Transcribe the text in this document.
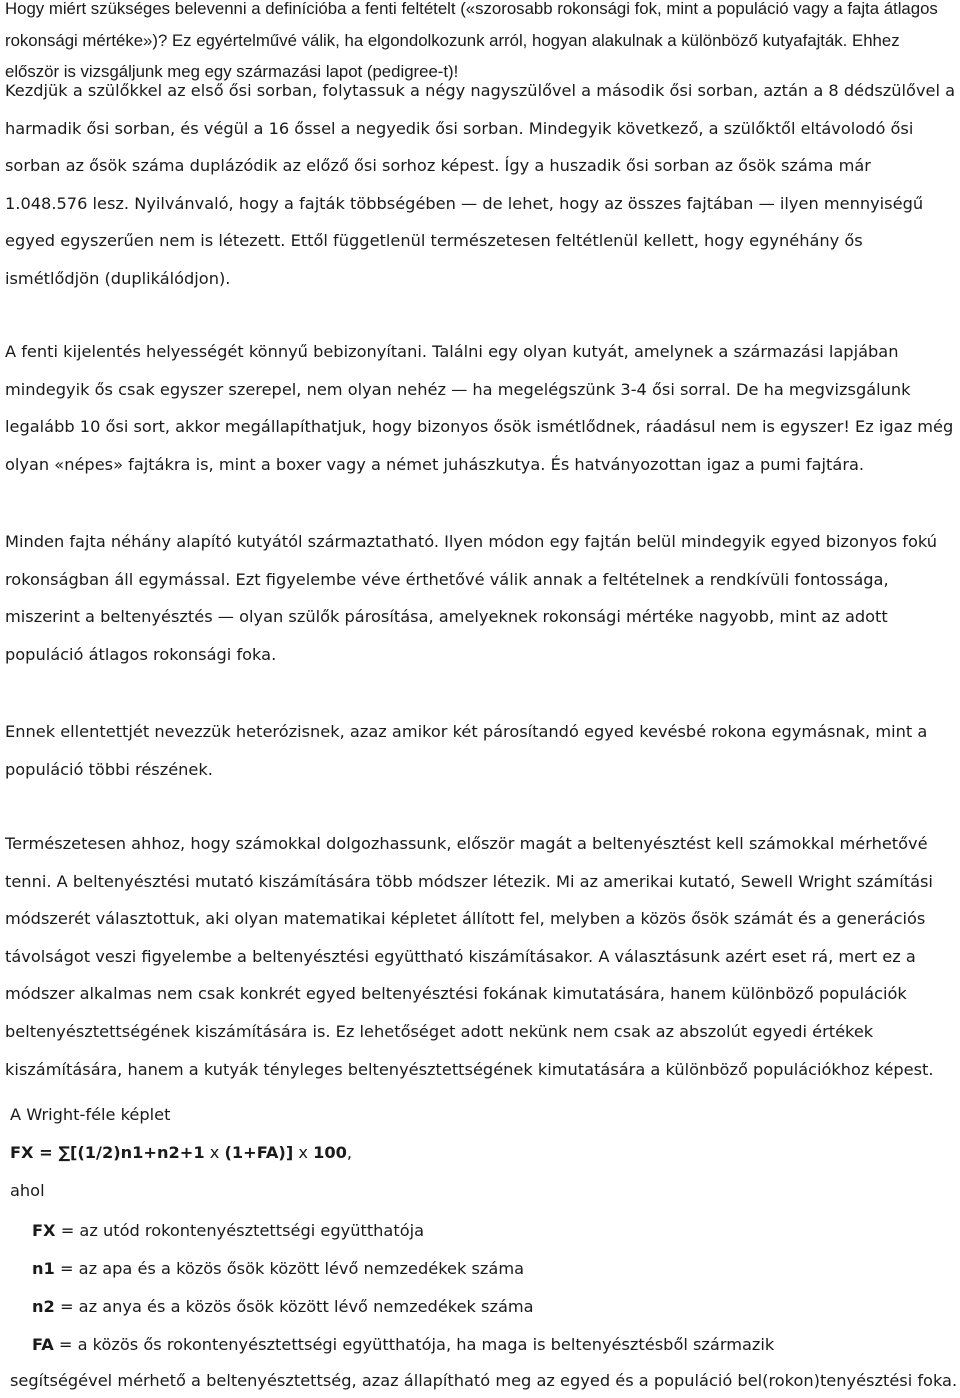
Hogy miért szükséges belevenni a definícióba a fenti feltételt («szorosabb rokonsági fok, mint a populáció vagy a fajta átlagos rokonsági mértéke»)? Ez egyértelművé válik, ha elgondolkozunk arról, hogyan alakulnak a különböző kutyafajták. Ehhez először is vizsgáljunk meg egy származási lapot (pedigree-t)!

Kezdjük a szülőkkel az első ősi sorban, folytassuk a négy nagyszülővel a második ősi sorban, aztán a 8 dédszülővel a harmadik ősi sorban, és végül a 16 őssel a negyedik ősi sorban. Mindegyik következő, a szülőktől eltávolodó ősi sorban az ősök száma duplázódik az előző ősi sorhoz képest. Így a huszadik ősi sorban az ősök száma már 1.048.576 lesz. Nyilvánvaló, hogy a fajták többségében — de lehet, hogy az összes fajtában — ilyen mennyiségű egyed egyszerűen nem is létezett. Ettől függetlenül természetesen feltétlenül kellett, hogy egynéhány ős ismétlődjön (duplikálódjon).

A fenti kijelentés helyességét könnyű bebizonyítani. Találni egy olyan kutyát, amelynek a származási lapjában mindegyik ős csak egyszer szerepel, nem olyan nehéz — ha megelégszünk 3-4 ősi sorral. De ha megvizsgálunk legalább 10 ősi sort, akkor megállapíthatjuk, hogy bizonyos ősök ismétlődnek, ráadásul nem is egyszer! Ez igaz még olyan «népes» fajtákra is, mint a boxer vagy a német juhászkutya. És hatványozottan igaz a pumi fajtára.

Minden fajta néhány alapító kutyától származtatható. Ilyen módon egy fajtán belül mindegyik egyed bizonyos fokú rokonságban áll egymással. Ezt figyelembe véve érthetővé válik annak a feltételnek a rendkívüli fontossága, miszerint a beltenyésztés — olyan szülők párosítása, amelyeknek rokonsági mértéke nagyobb, mint az adott populáció átlagos rokonsági foka.

Ennek ellentettjét nevezzük heterózisnek, azaz amikor két párosítandó egyed kevésbé rokona egymásnak, mint a populáció többi részének.

Természetesen ahhoz, hogy számokkal dolgozhassunk, először magát a beltenyésztést kell számokkal mérhetővé tenni. A beltenyésztési mutató kiszámítására több módszer létezik. Mi az amerikai kutató, Sewell Wright számítási módszerét választottuk, aki olyan matematikai képletet állított fel, melyben a közös ősök számát és a generációs távolságot veszi figyelembe a beltenyésztési együttható kiszámításakor. A választásunk azért eset rá, mert ez a módszer alkalmas nem csak konkrét egyed beltenyésztési fokának kimutatására, hanem különböző populációk beltenyésztettségének kiszámítására is. Ez lehetőséget adott nekünk nem csak az abszolút egyedi értékek kiszámítására, hanem a kutyák tényleges beltenyésztettségének kimutatására a különböző populációkhoz képest.

A Wright-féle képlet

FX = ∑[(1/2)n1+n2+1 x (1+FA)] x 100,

ahol

FX = az utód rokontenyésztettségi együtthatója
n1 = az apa és a közös ősök között lévő nemzedékek száma
n2 = az anya és a közös ősök között lévő nemzedékek száma
FA = a közös ős rokontenyésztettségi együtthatója, ha maga is beltenyésztésből származik

segítségével mérhető a beltenyésztettség, azaz állapítható meg az egyed és a populáció bel(rokon)tenyésztési foka.
